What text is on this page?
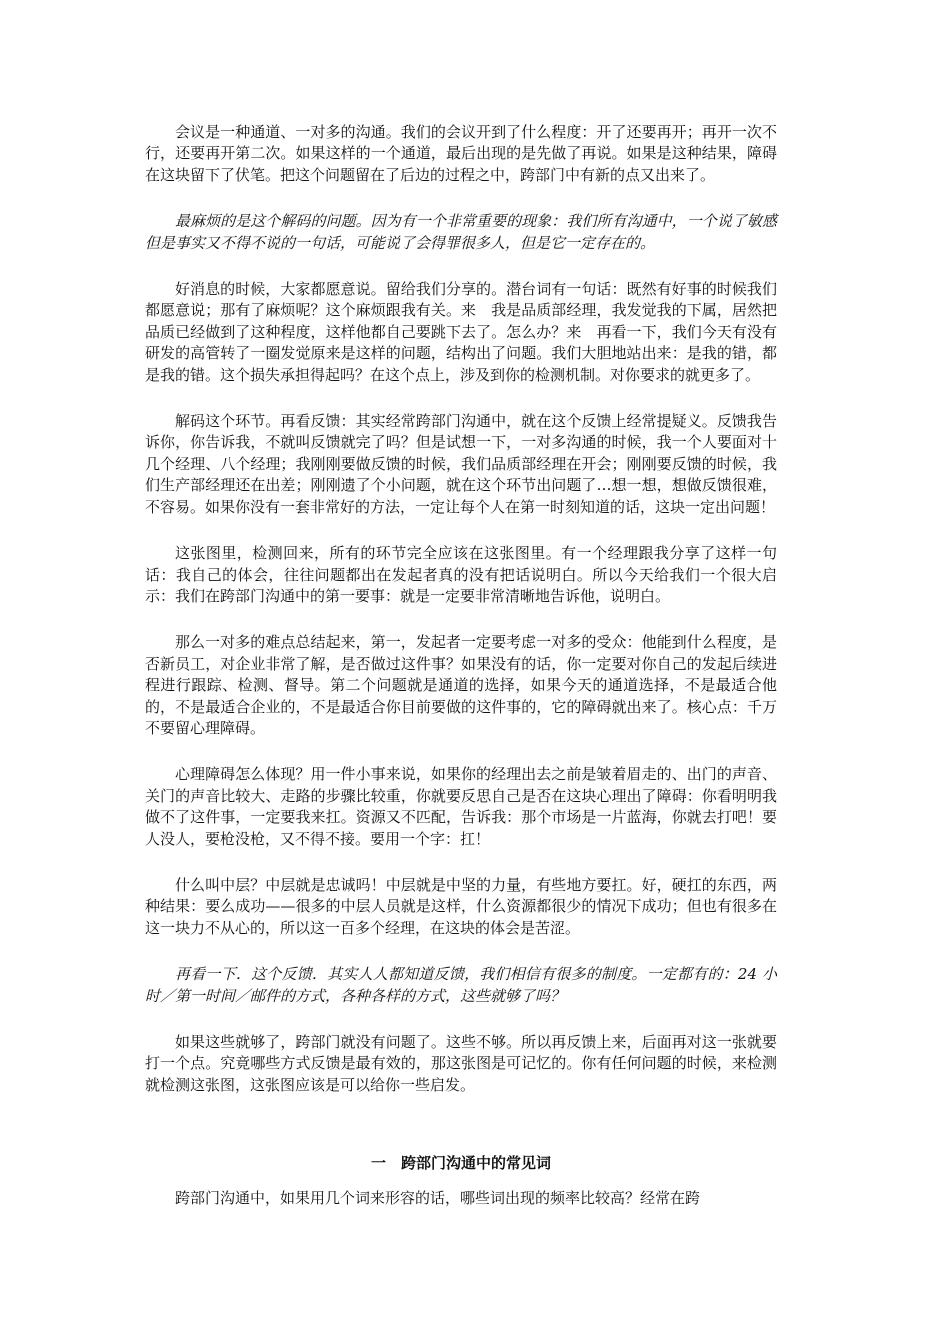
会议是一种通道、一对多的沟通。我们的会议开到了什么程度：开了还要再开；再开一次不行，还要再开第二次。如果这样的一个通道，最后出现的是先做了再说。如果是这种结果，障碍在这块留下了伏笔。把这个问题留在了后边的过程之中，跨部门中有新的点又出来了。

最麻烦的是这个解码的问题。因为有一个非常重要的现象：我们所有沟通中，一个说了敏感但是事实又不得不说的一句话，可能说了会得罪很多人，但是它一定存在的。

好消息的时候，大家都愿意说。留给我们分享的。潜台词有一句话：既然有好事的时候我们都愿意说；那有了麻烦呢？这个麻烦跟我有关。来　我是品质部经理，我发觉我的下属，居然把品质已经做到了这种程度，这样他都自己要跳下去了。怎么办？来　再看一下，我们今天有没有研发的高管转了一圈发觉原来是这样的问题，结构出了问题。我们大胆地站出来：是我的错，都是我的错。这个损失承担得起吗？在这个点上，涉及到你的检测机制。对你要求的就更多了。

解码这个环节。再看反馈：其实经常跨部门沟通中，就在这个反馈上经常提疑义。反馈我告诉你，你告诉我，不就叫反馈就完了吗？但是试想一下，一对多沟通的时候，我一个人要面对十几个经理、八个经理；我刚刚要做反馈的时候，我们品质部经理在开会；刚刚要反馈的时候，我们生产部经理还在出差；刚刚遗了个小问题，就在这个环节出问题了…想一想，想做反馈很难，不容易。如果你没有一套非常好的方法，一定让每个人在第一时刻知道的话，这块一定出问题！

这张图里，检测回来，所有的环节完全应该在这张图里。有一个经理跟我分享了这样一句话：我自己的体会，往往问题都出在发起者真的没有把话说明白。所以今天给我们一个很大启示：我们在跨部门沟通中的第一要事：就是一定要非常清晰地告诉他，说明白。

那么一对多的难点总结起来，第一，发起者一定要考虑一对多的受众：他能到什么程度，是否新员工，对企业非常了解，是否做过这件事？如果没有的话，你一定要对你自己的发起后续进程进行跟踪、检测、督导。第二个问题就是通道的选择，如果今天的通道选择，不是最适合他的，不是最适合企业的，不是最适合你目前要做的这件事的，它的障碍就出来了。核心点：千万不要留心理障碍。

心理障碍怎么体现？用一件小事来说，如果你的经理出去之前是皱着眉走的、出门的声音、关门的声音比较大、走路的步骤比较重，你就要反思自己是否在这块心理出了障碍：你看明明我做不了这件事，一定要我来扛。资源又不匹配，告诉我：那个市场是一片蓝海，你就去打吧！要人没人，要枪没枪，又不得不接。要用一个字：扛！

什么叫中层？中层就是忠诚吗！中层就是中坚的力量，有些地方要扛。好，硬扛的东西，两种结果：要么成功——很多的中层人员就是这样，什么资源都很少的情况下成功；但也有很多在这一块力不从心的，所以这一百多个经理，在这块的体会是苦涩。

再看一下．这个反馈．其实人人都知道反馈，我们相信有很多的制度。一定都有的：24 小时／第一时间／邮件的方式，各种各样的方式，这些就够了吗？

如果这些就够了，跨部门就没有问题了。这些不够。所以再反馈上来，后面再对这一张就要打一个点。究竟哪些方式反馈是最有效的，那这张图是可记忆的。你有任何问题的时候，来检测就检测这张图，这张图应该是可以给你一些启发。

一　跨部门沟通中的常见词

跨部门沟通中，如果用几个词来形容的话，哪些词出现的频率比较高？经常在跨
